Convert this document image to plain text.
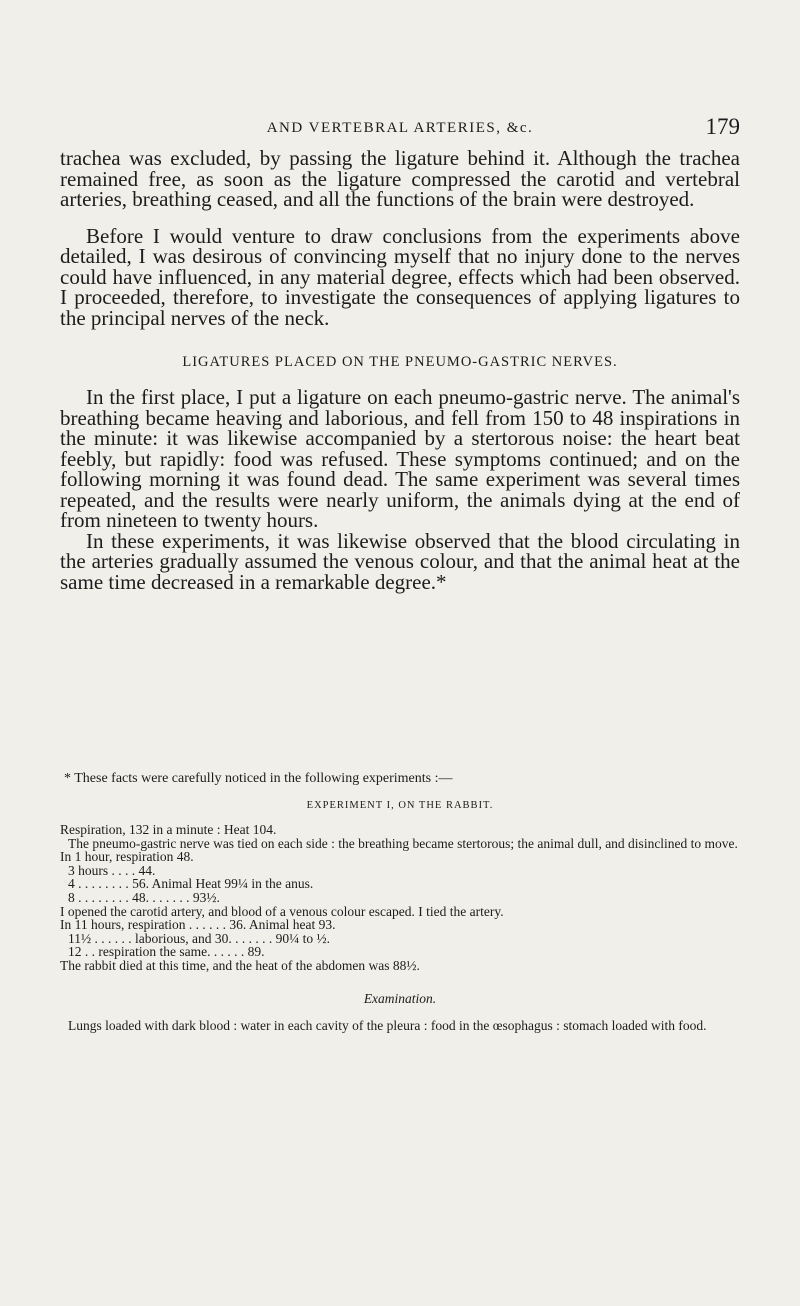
AND VERTEBRAL ARTERIES, &c.	179

trachea was excluded, by passing the ligature behind it. Although the trachea remained free, as soon as the ligature compressed the carotid and vertebral arteries, breathing ceased, and all the functions of the brain were destroyed.

Before I would venture to draw conclusions from the experiments above detailed, I was desirous of convincing myself that no injury done to the nerves could have influenced, in any material degree, effects which had been observed. I proceeded, therefore, to investigate the consequences of applying ligatures to the principal nerves of the neck.

LIGATURES PLACED ON THE PNEUMO-GASTRIC NERVES.

In the first place, I put a ligature on each pneumo-gastric nerve. The animal's breathing became heaving and laborious, and fell from 150 to 48 inspirations in the minute: it was likewise accompanied by a stertorous noise: the heart beat feebly, but rapidly: food was refused. These symptoms continued; and on the following morning it was found dead. The same experiment was several times repeated, and the results were nearly uniform, the animals dying at the end of from nineteen to twenty hours.

In these experiments, it was likewise observed that the blood circulating in the arteries gradually assumed the venous colour, and that the animal heat at the same time decreased in a remarkable degree.*

* These facts were carefully noticed in the following experiments :—

EXPERIMENT I, ON THE RABBIT.

Respiration, 132 in a minute : Heat 104.

The pneumo-gastric nerve was tied on each side : the breathing became stertorous; the animal dull, and disinclined to move.

In 1 hour, respiration 48.

3 hours . . . . 44.

4 . . . . . . . . 56. Animal Heat 99¼ in the anus.

8 . . . . . . . . 48. . . . . . . 93½.

I opened the carotid artery, and blood of a venous colour escaped. I tied the artery.

In 11 hours, respiration . . . . . . 36. Animal heat 93.

11½ . . . . . . laborious, and 30. . . . . . . 90¼ to ½.

12 . . respiration the same. . . . . . 89.

The rabbit died at this time, and the heat of the abdomen was 88½.

Examination.

Lungs loaded with dark blood : water in each cavity of the pleura : food in the œsophagus : stomach loaded with food.
